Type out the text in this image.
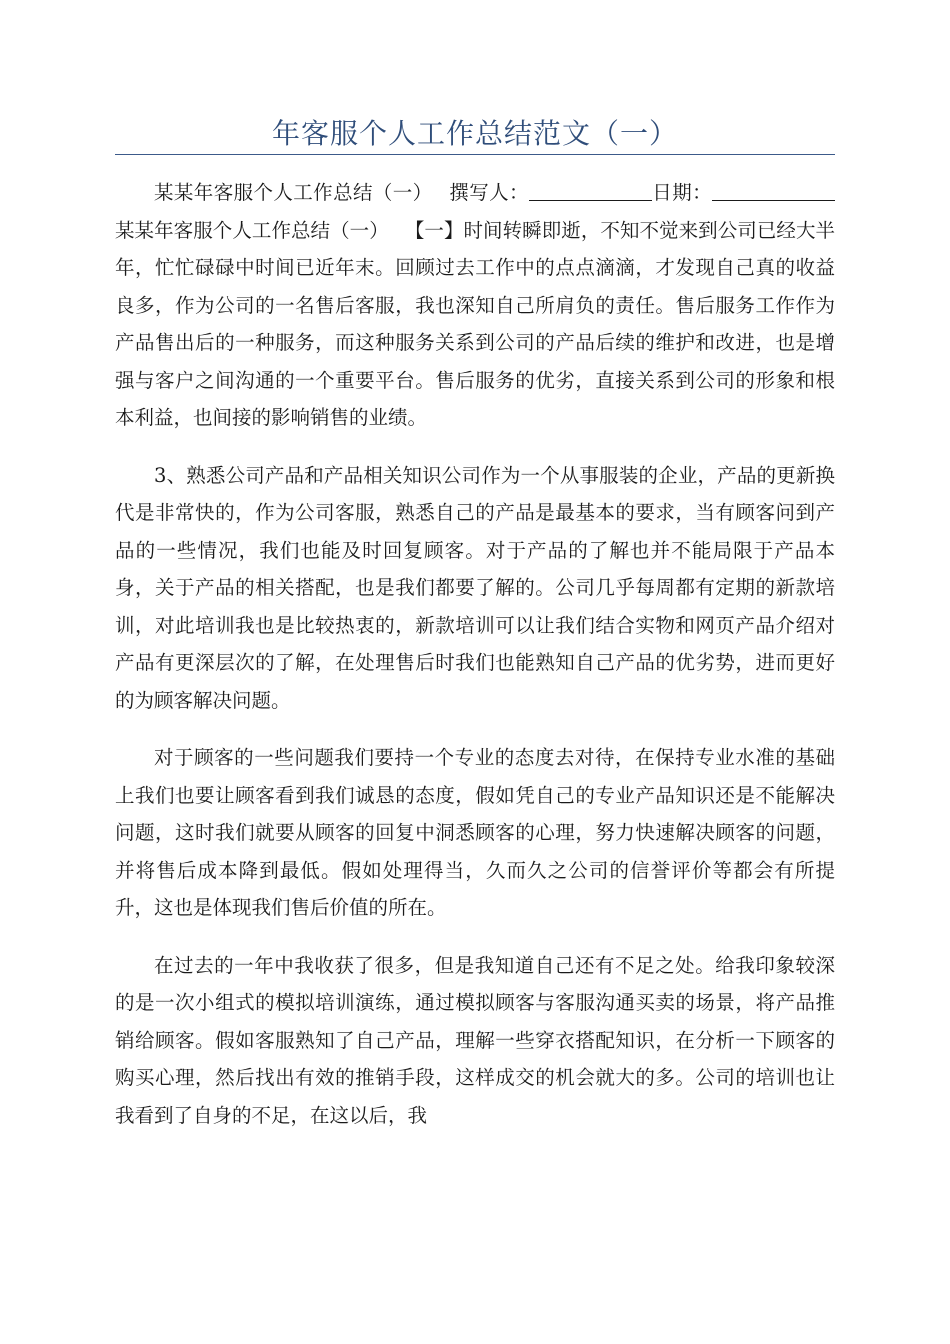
年客服个人工作总结范文（一）

某某年客服个人工作总结（一）　 撰写人：	日期：某某年客服个人工作总结（一）　 【一】时间转瞬即逝，不知不觉来到公司已经大半年，忙忙碌碌中时间已近年末。回顾过去工作中的点点滴滴，才发现自己真的收益良多，作为公司的一名售后客服，我也深知自己所肩负的责任。售后服务工作作为产品售出后的一种服务，而这种服务关系到公司的产品后续的维护和改进，也是增强与客户之间沟通的一个重要平台。售后服务的优劣，直接关系到公司的形象和根本利益，也间接的影响销售的业绩。

3、熟悉公司产品和产品相关知识公司作为一个从事服装的企业，产品的更新换代是非常快的，作为公司客服，熟悉自己的产品是最基本的要求，当有顾客问到产品的一些情况，我们也能及时回复顾客。对于产品的了解也并不能局限于产品本身，关于产品的相关搭配，也是我们都要了解的。公司几乎每周都有定期的新款培训，对此培训我也是比较热衷的，新款培训可以让我们结合实物和网页产品介绍对产品有更深层次的了解，在处理售后时我们也能熟知自己产品的优劣势，进而更好的为顾客解决问题。

对于顾客的一些问题我们要持一个专业的态度去对待，在保持专业水准的基础上我们也要让顾客看到我们诚恳的态度，假如凭自己的专业产品知识还是不能解决问题，这时我们就要从顾客的回复中洞悉顾客的心理，努力快速解决顾客的问题，并将售后成本降到最低。假如处理得当，久而久之公司的信誉评价等都会有所提升，这也是体现我们售后价值的所在。

在过去的一年中我收获了很多，但是我知道自己还有不足之处。给我印象较深的是一次小组式的模拟培训演练，通过模拟顾客与客服沟通买卖的场景，将产品推销给顾客。假如客服熟知了自己产品，理解一些穿衣搭配知识，在分析一下顾客的购买心理，然后找出有效的推销手段，这样成交的机会就大的多。公司的培训也让我看到了自身的不足，在这以后，我
